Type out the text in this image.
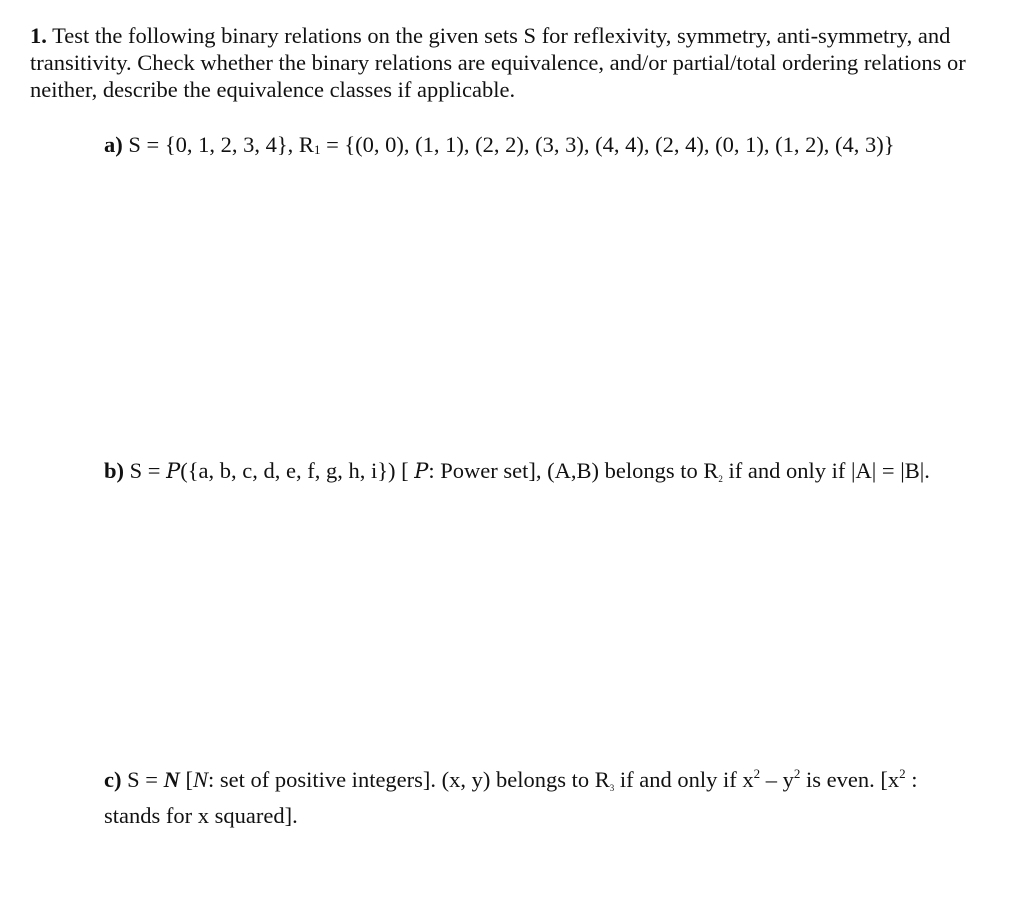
1. Test the following binary relations on the given sets S for reflexivity, symmetry, anti-symmetry, and transitivity. Check whether the binary relations are equivalence, and/or partial/total ordering relations or neither, describe the equivalence classes if applicable.
a) S = {0, 1, 2, 3, 4}, R1 = {(0, 0), (1, 1), (2, 2), (3, 3), (4, 4), (2, 4), (0, 1), (1, 2), (4, 3)}
b) S = P({a, b, c, d, e, f, g, h, i}) [ P: Power set], (A,B) belongs to R2 if and only if |A| = |B|.
c) S = N [N: set of positive integers]. (x, y) belongs to R3 if and only if $x^2 - y^2$ is even. [$x^2$ :
stands for x squared].
